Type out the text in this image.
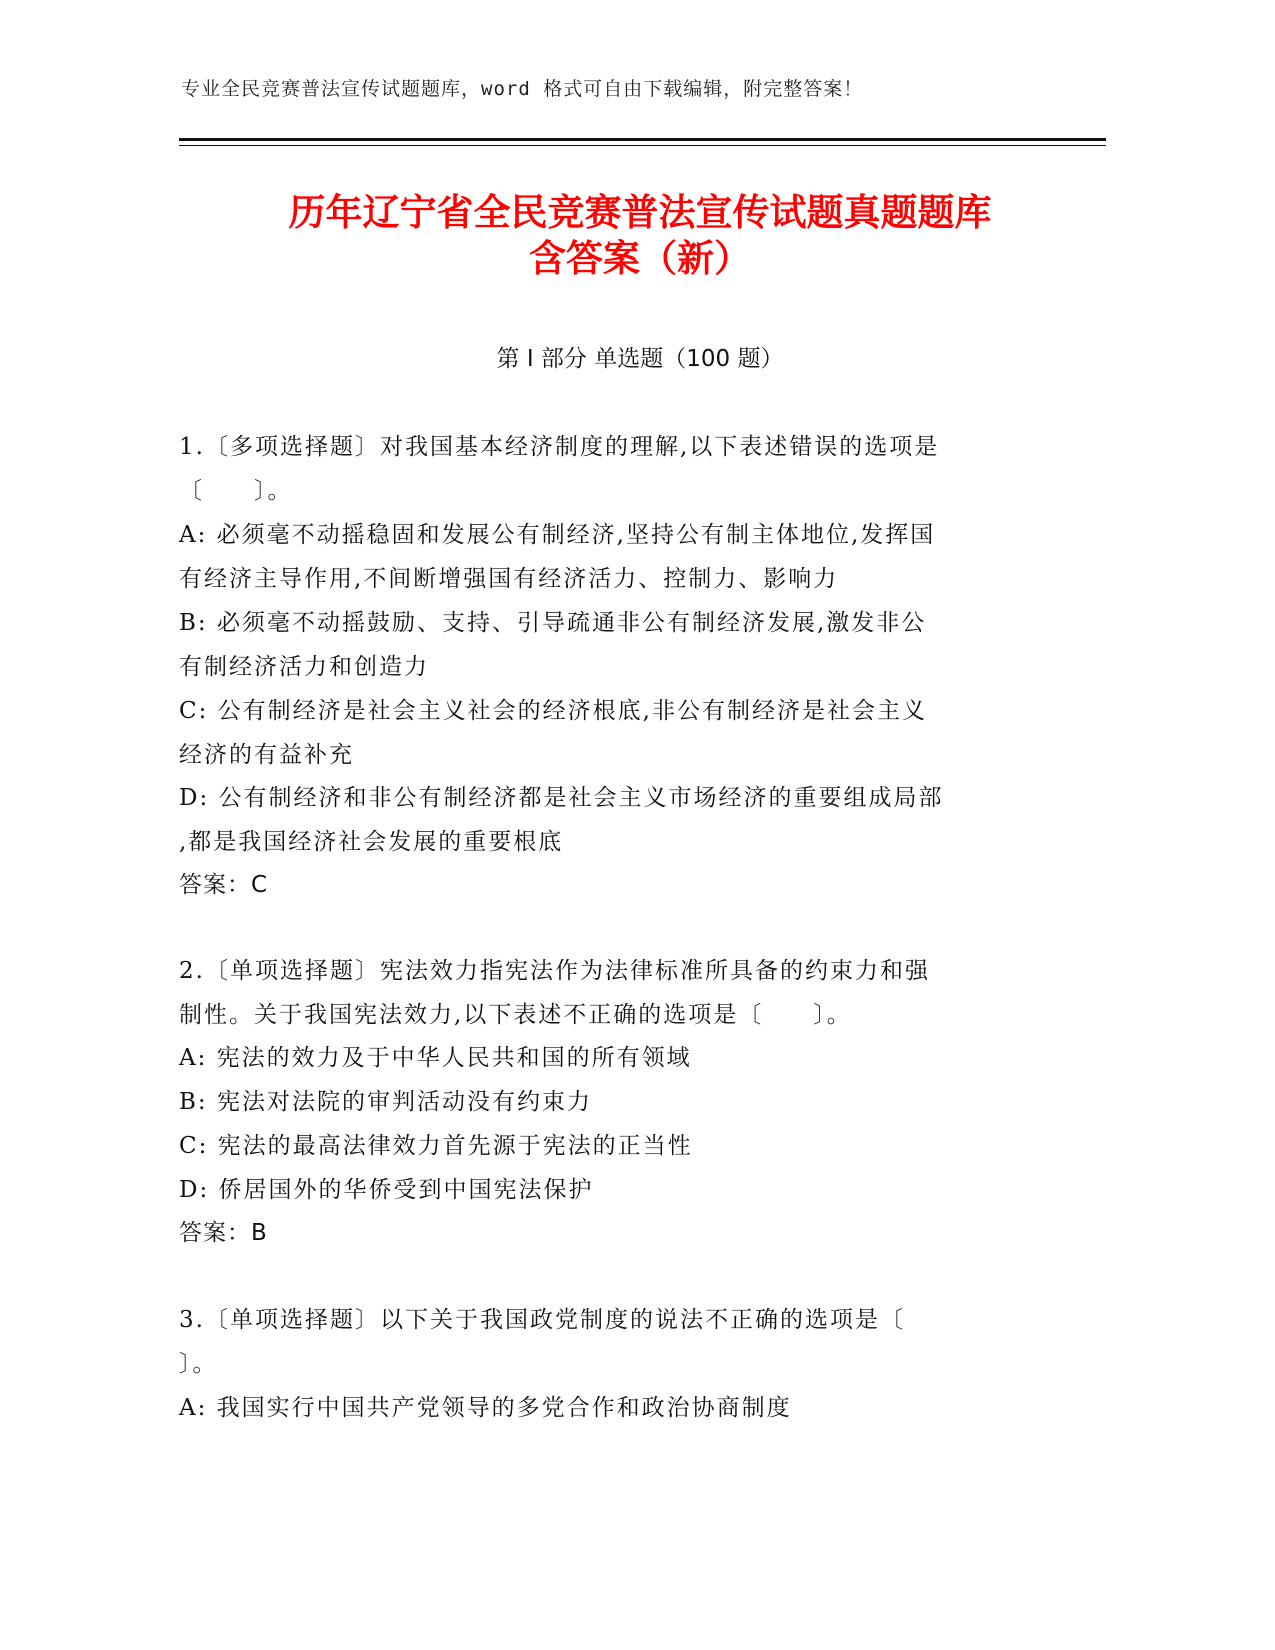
专业全民竞赛普法宣传试题题库，word 格式可自由下载编辑，附完整答案！
历年辽宁省全民竞赛普法宣传试题真题题库
含答案（新）
第 I 部分 单选题（100 题）
1.〔多项选择题〕对我国基本经济制度的理解,以下表述错误的选项是
〔　　〕。
A: 必须毫不动摇稳固和发展公有制经济,坚持公有制主体地位,发挥国
有经济主导作用,不间断增强国有经济活力、控制力、影响力
B: 必须毫不动摇鼓励、支持、引导疏通非公有制经济发展,激发非公
有制经济活力和创造力
C: 公有制经济是社会主义社会的经济根底,非公有制经济是社会主义
经济的有益补充
D: 公有制经济和非公有制经济都是社会主义市场经济的重要组成局部
,都是我国经济社会发展的重要根底
答案：C
2.〔单项选择题〕宪法效力指宪法作为法律标准所具备的约束力和强
制性。关于我国宪法效力,以下表述不正确的选项是〔　　〕。
A: 宪法的效力及于中华人民共和国的所有领域
B: 宪法对法院的审判活动没有约束力
C: 宪法的最高法律效力首先源于宪法的正当性
D: 侨居国外的华侨受到中国宪法保护
答案：B
3.〔单项选择题〕以下关于我国政党制度的说法不正确的选项是〔
〕。
A: 我国实行中国共产党领导的多党合作和政治协商制度
